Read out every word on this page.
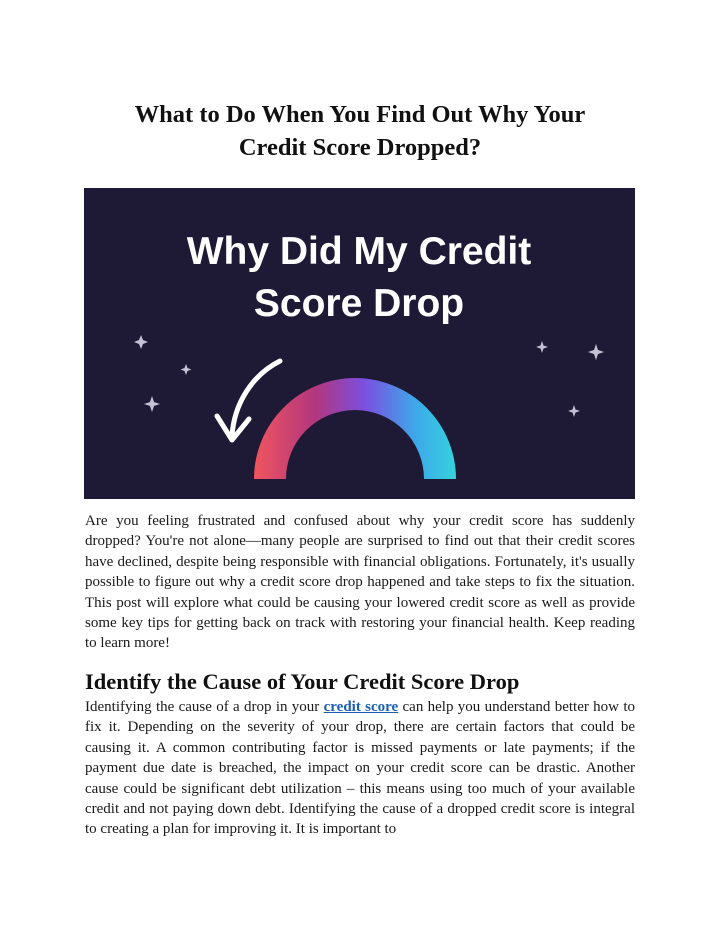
What to Do When You Find Out Why Your
Credit Score Dropped?
Why Did My Credit
Score Drop

Are you feeling frustrated and confused about why your credit score has suddenly dropped? You're not alone—many people are surprised to find out that their credit scores have declined, despite being responsible with financial obligations. Fortunately, it's usually possible to figure out why a credit score drop happened and take steps to fix the situation. This post will explore what could be causing your lowered credit score as well as provide some key tips for getting back on track with restoring your financial health. Keep reading to learn more!

Identify the Cause of Your Credit Score Drop

Identifying the cause of a drop in your credit score can help you understand better how to fix it. Depending on the severity of your drop, there are certain factors that could be causing it. A common contributing factor is missed payments or late payments; if the payment due date is breached, the impact on your credit score can be drastic. Another cause could be significant debt utilization – this means using too much of your available credit and not paying down debt. Identifying the cause of a dropped credit score is integral to creating a plan for improving it. It is important to
